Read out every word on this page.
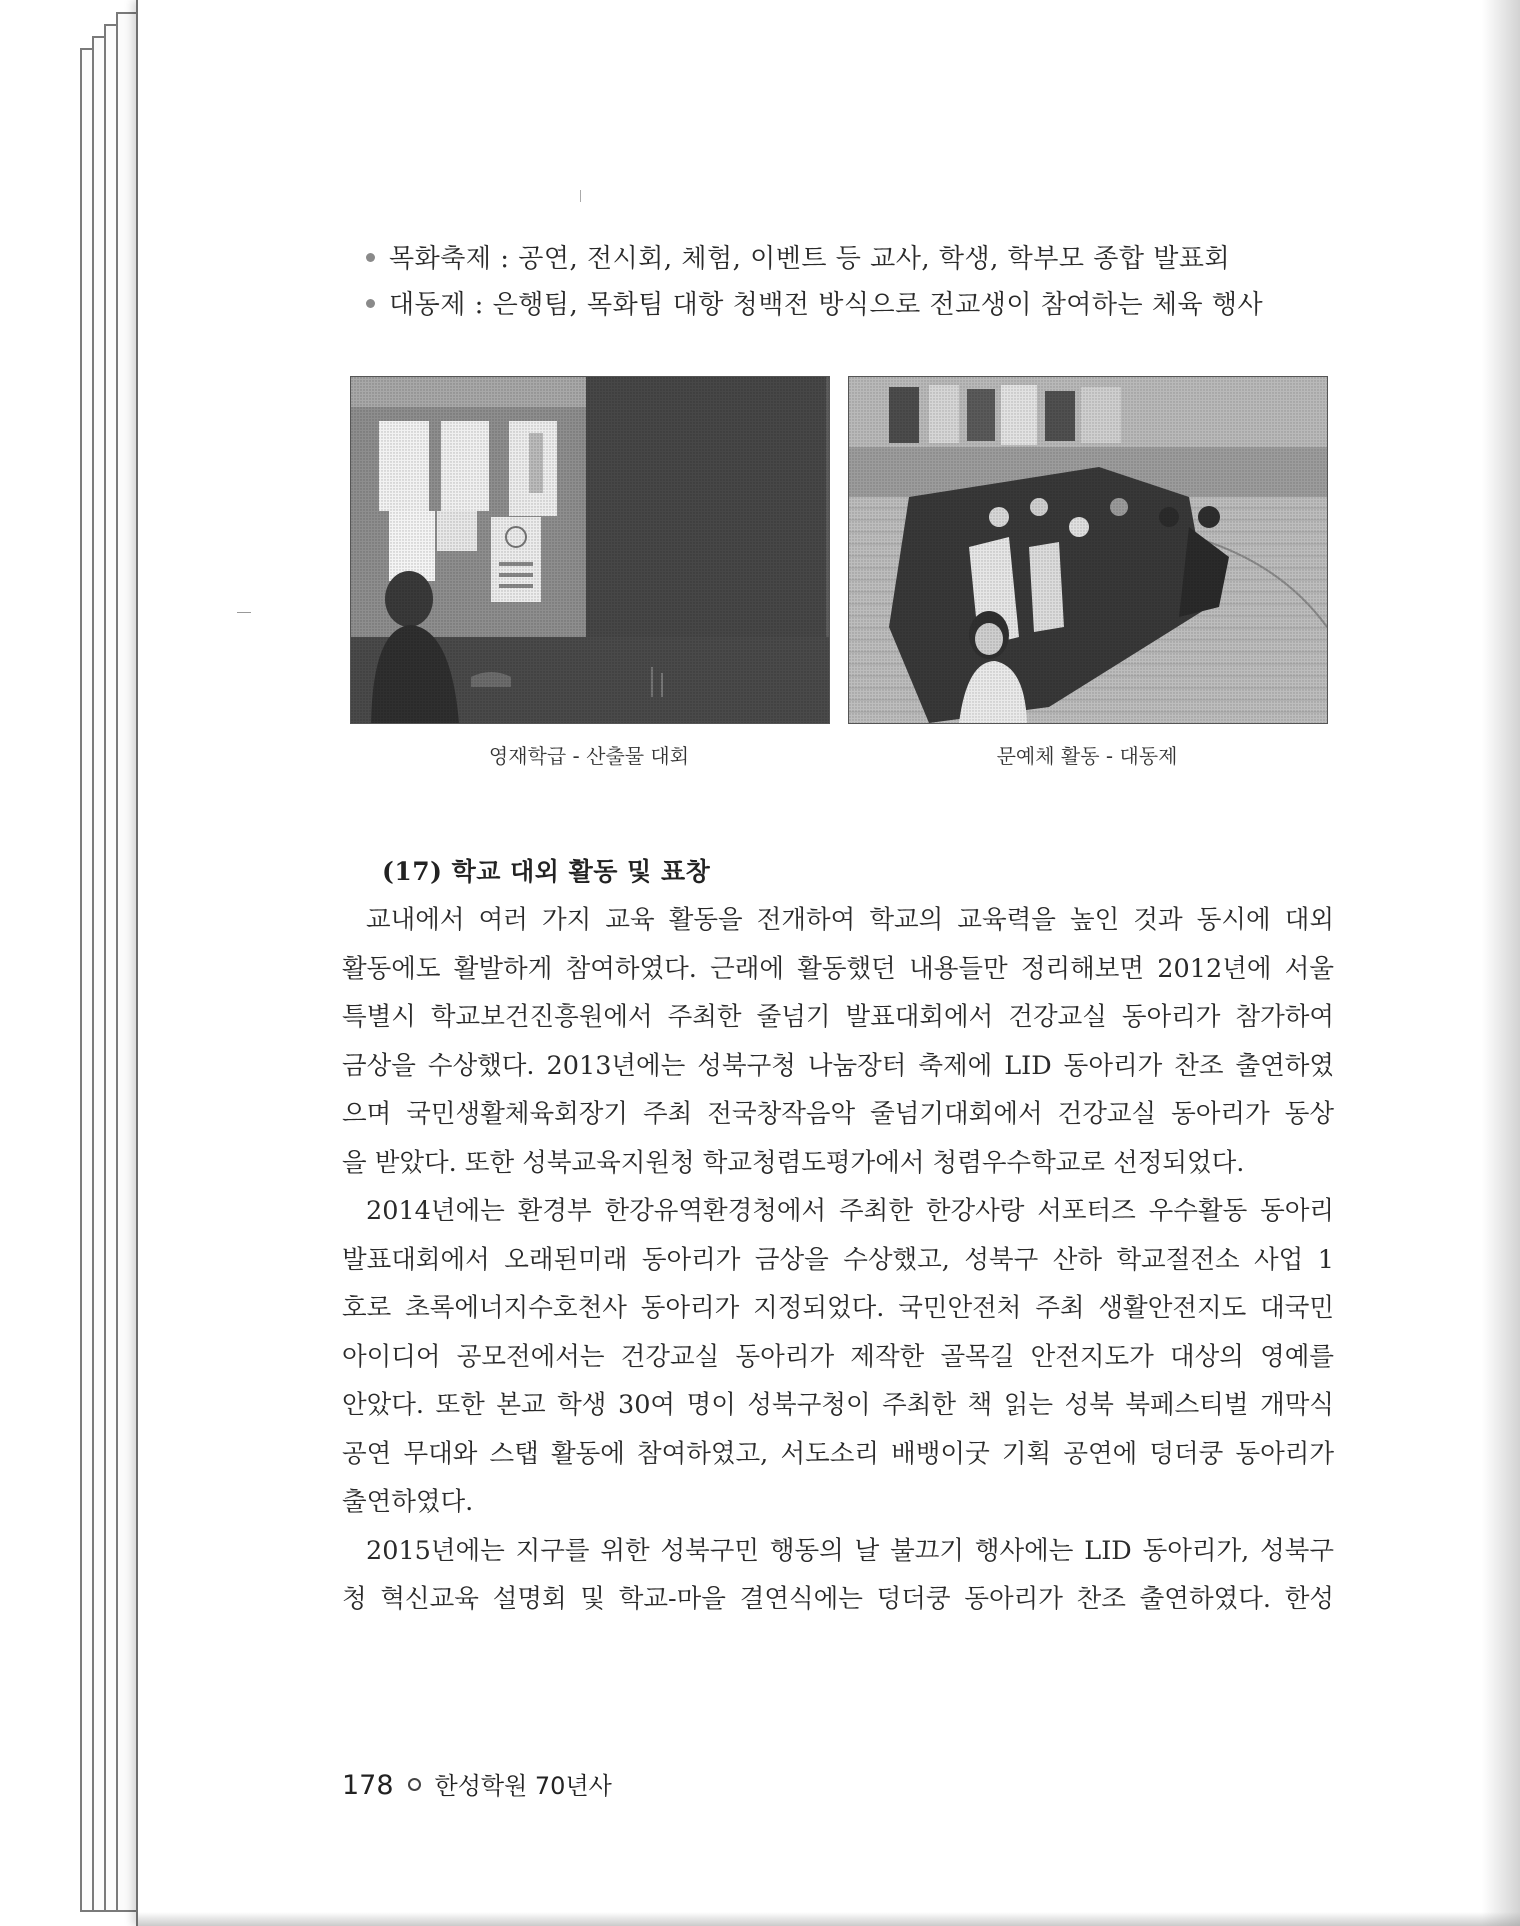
목화축제 : 공연, 전시회, 체험, 이벤트 등 교사, 학생, 학부모 종합 발표회
대동제 : 은행팀, 목화팀 대항 청백전 방식으로 전교생이 참여하는 체육 행사
영재학급 - 산출물 대회	문예체 활동 - 대동제
(17) 학교 대외 활동 및 표창
교내에서 여러 가지 교육 활동을 전개하여 학교의 교육력을 높인 것과 동시에 대외
활동에도 활발하게 참여하였다. 근래에 활동했던 내용들만 정리해보면 2012년에 서울
특별시 학교보건진흥원에서 주최한 줄넘기 발표대회에서 건강교실 동아리가 참가하여
금상을 수상했다. 2013년에는 성북구청 나눔장터 축제에 LID 동아리가 찬조 출연하였
으며 국민생활체육회장기 주최 전국창작음악 줄넘기대회에서 건강교실 동아리가 동상
을 받았다. 또한 성북교육지원청 학교청렴도평가에서 청렴우수학교로 선정되었다.
2014년에는 환경부 한강유역환경청에서 주최한 한강사랑 서포터즈 우수활동 동아리
발표대회에서 오래된미래 동아리가 금상을 수상했고, 성북구 산하 학교절전소 사업 1
호로 초록에너지수호천사 동아리가 지정되었다. 국민안전처 주최 생활안전지도 대국민
아이디어 공모전에서는 건강교실 동아리가 제작한 골목길 안전지도가 대상의 영예를
안았다. 또한 본교 학생 30여 명이 성북구청이 주최한 책 읽는 성북 북페스티벌 개막식
공연 무대와 스탭 활동에 참여하였고, 서도소리 배뱅이굿 기획 공연에 덩더쿵 동아리가
출연하였다.
2015년에는 지구를 위한 성북구민 행동의 날 불끄기 행사에는 LID 동아리가, 성북구
청 혁신교육 설명회 및 학교-마을 결연식에는 덩더쿵 동아리가 찬조 출연하였다. 한성
178 한성학원 70년사
